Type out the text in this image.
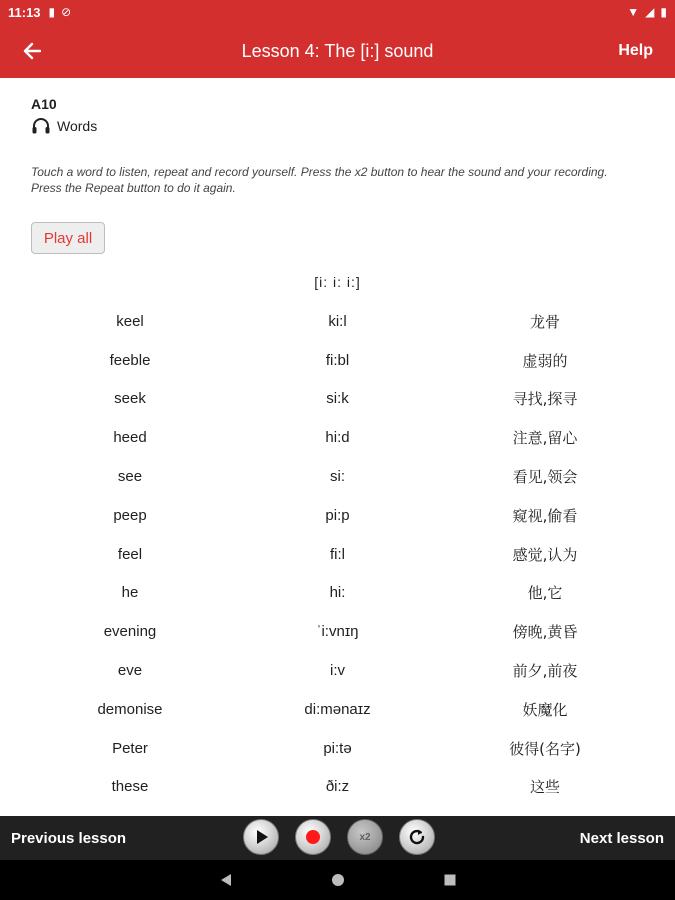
11:13 ▮ ⊘	▼ ◢ ▮
Lesson 4: The [i:] sound	Help
A10
Words
Touch a word to listen, repeat and record yourself. Press the x2 button to hear the sound and your recording. Press the Repeat button to do it again.
Play all
[i: i: i:]
keel	ki:l	龙骨
feeble	fi:bl	虚弱的
seek	si:k	寻找,探寻
heed	hi:d	注意,留心
see	si:	看见,领会
peep	pi:p	窥视,偷看
feel	fi:l	感觉,认为
he	hi:	他,它
evening	ˈi:vnɪŋ	傍晚,黄昏
eve	i:v	前夕,前夜
demonise	di:mənaɪz	妖魔化
Peter	pi:tə	彼得(名字)
these	ði:z	这些
Previous lesson	x2	Next lesson
